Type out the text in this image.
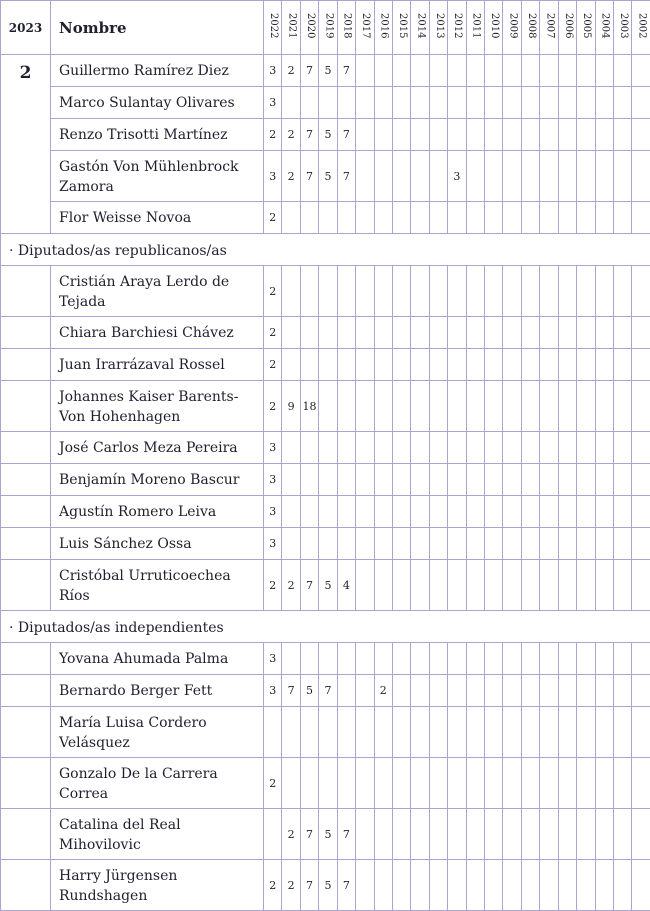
2023	Nombre	2022	2021	2020	2019	2018	2017	2016	2015	2014	2013	2012	2011	2010	2009	2008	2007	2006	2005	2004	2003	2002

2	Guillermo Ramírez Diez	3	2	7	5	7																
	Marco Sulantay Olivares	3																				
	Renzo Trisotti Martínez	2	2	7	5	7																
	Gastón Von Mühlenbrock Zamora	3	2	7	5	7						3										
	Flor Weisse Novoa	2																				
· Diputados/as republicanos/as																						
	Cristián Araya Lerdo de Tejada	2																				
	Chiara Barchiesi Chávez	2																				
	Juan Irarrázaval Rossel	2																				
	Johannes Kaiser Barents-Von Hohenhagen	2	9	18																		
	José Carlos Meza Pereira	3																				
	Benjamín Moreno Bascur	3																				
	Agustín Romero Leiva	3																				
	Luis Sánchez Ossa	3																				
	Cristóbal Urruticoechea Ríos	2	2	7	5	4																
· Diputados/as independientes																						
	Yovana Ahumada Palma	3																				
	Bernardo Berger Fett	3	7	5	7			2														
	María Luisa Cordero Velásquez																					
	Gonzalo De la Carrera Correa	2																				
	Catalina del Real Mihovilovic		2	7	5	7																
	Harry Jürgensen Rundshagen	2	2	7	5	7																
